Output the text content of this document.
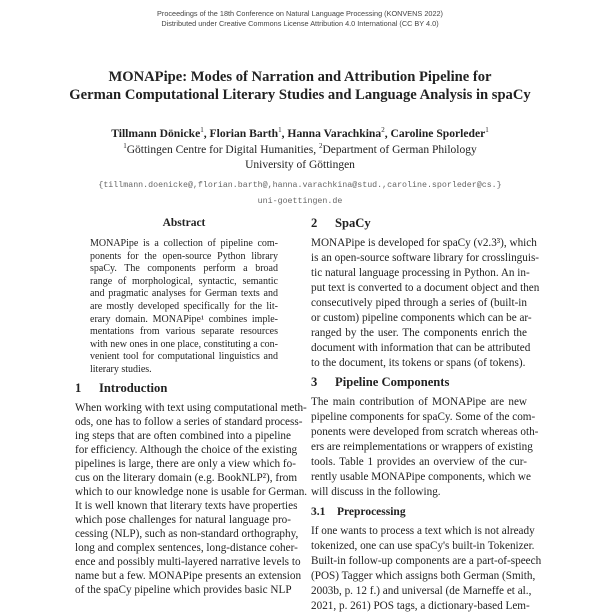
Proceedings of the 18th Conference on Natural Language Processing (KONVENS 2022)
Distributed under Creative Commons License Attribution 4.0 International (CC BY 4.0)
MONAPipe: Modes of Narration and Attribution Pipeline for
German Computational Literary Studies and Language Analysis in spaCy
Tillmann Dönicke$^1$, Florian Barth$^1$, Hanna Varachkina$^2$, Caroline Sporleder$^1$
$^1$Göttingen Centre for Digital Humanities, $^2$Department of German Philology
University of Göttingen
{tillmann.doenicke@,florian.barth@,hanna.varachkina@stud.,caroline.sporleder@cs.}
uni-goettingen.de
Abstract
MONAPipe is a collection of pipeline com-
ponents for the open-source Python library
spaCy. The components perform a broad
range of morphological, syntactic, semantic
and pragmatic analyses for German texts and
are mostly developed specifically for the lit-
erary domain. MONAPipe¹ combines imple-
mentations from various separate resources
with new ones in one place, constituting a con-
venient tool for computational linguistics and
literary studies.
1 Introduction
When working with text using computational meth-
ods, one has to follow a series of standard process-
ing steps that are often combined into a pipeline
for efficiency. Although the choice of the existing
pipelines is large, there are only a view which fo-
cus on the literary domain (e.g. BookNLP²), from
which to our knowledge none is usable for German.
It is well known that literary texts have properties
which pose challenges for natural language pro-
cessing (NLP), such as non-standard orthography,
long and complex sentences, long-distance coher-
ence and possibly multi-layered narrative levels to
name but a few. MONAPipe presents an extension
of the spaCy pipeline which provides basic NLP
2 SpaCy
MONAPipe is developed for spaCy (v2.3³), which
is an open-source software library for crosslinguis-
tic natural language processing in Python. An in-
put text is converted to a document object and then
consecutively piped through a series of (built-in
or custom) pipeline components which can be ar-
ranged by the user. The components enrich the
document with information that can be attributed
to the document, its tokens or spans (of tokens).
3 Pipeline Components
The main contribution of MONAPipe are new
pipeline components for spaCy. Some of the com-
ponents were developed from scratch whereas oth-
ers are reimplementations or wrappers of existing
tools. Table 1 provides an overview of the cur-
rently usable MONAPipe components, which we
will discuss in the following.
3.1 Preprocessing
If one wants to process a text which is not already
tokenized, one can use spaCy's built-in Tokenizer.
Built-in follow-up components are a part-of-speech
(POS) Tagger which assigns both German (Smith,
2003b, p. 12 f.) and universal (de Marneffe et al.,
2021, p. 261) POS tags, a dictionary-based Lem-
